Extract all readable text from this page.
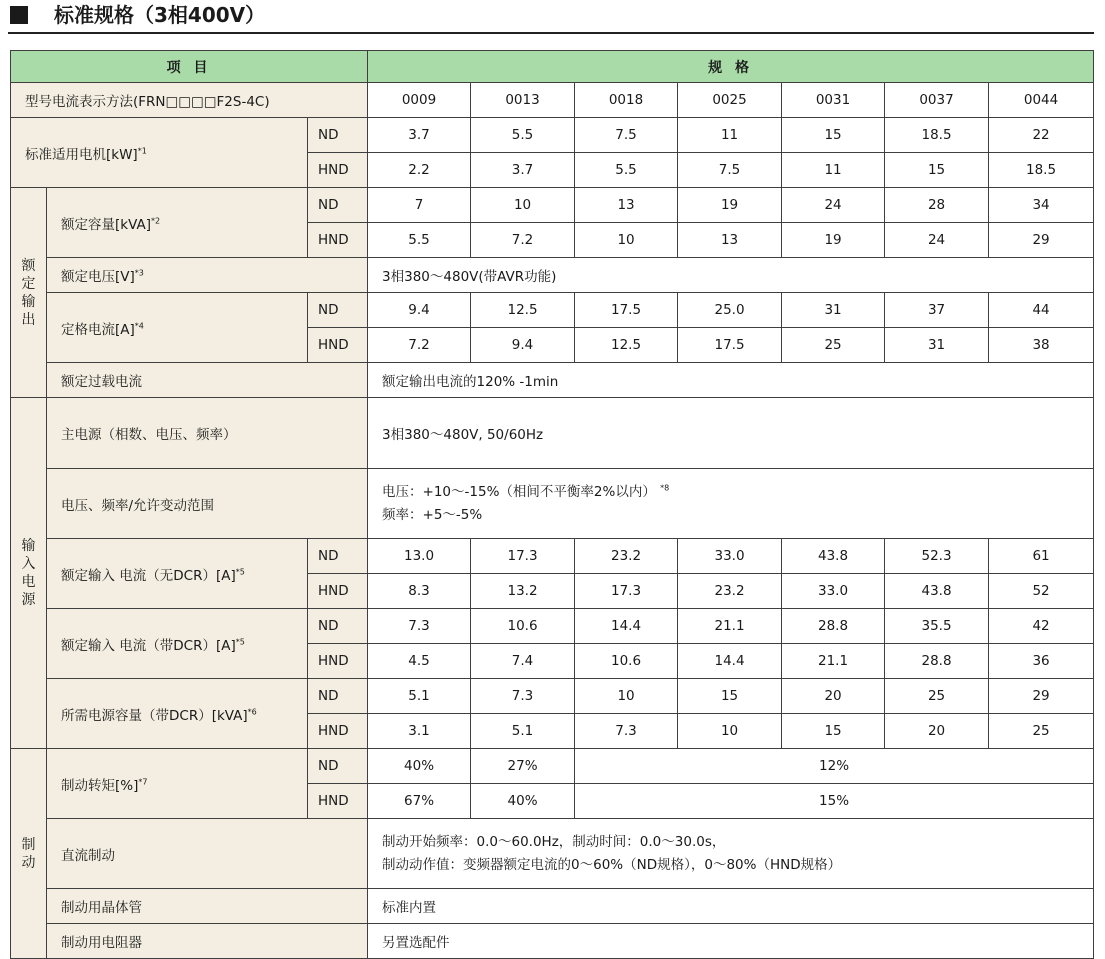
标准规格（3相400V）
项 目			规 格						
型号电流表示方法(FRN□□□□F2S-4C)			0009	0013	0018	0025	0031	0037	0044
标准适用电机[kW]$^{*1}$		ND	3.7	5.5	7.5	11	15	18.5	22
		HND	2.2	3.7	5.5	7.5	11	15	18.5

额定输出	额定容量[kVA]$^{*2}$	ND	7	10	13	19	24	28	34
		HND	5.5	7.2	10	13	19	24	29
	额定电压$[V]^{*3}$		3相380～480V(带AVR功能)						
	定格电流$[A]^{*4}$	ND	9.4	12.5	17.5	25.0	31	37	44
		HND	7.2	9.4	12.5	17.5	25	31	38
	额定过载电流		额定输出电流的120% -1min						

输入电源	主电源（相数、电压、频率）		3相380～480V, 50/60Hz						
	电压、频率/允许变动范围		电压：+10～-15%（相间不平衡率2%以内） $^{*8}$
频率：+5～-5%						

	额定输入 电流（无$DCR)[A]^{*5}$	ND	13.0	17.3	23.2	33.0	43.8	52.3	61
		HND	8.3	13.2	17.3	23.2	33.0	43.8	52
	额定输入 电流（带$DCR)[A]^{*5}$	ND	7.3	10.6	14.4	21.1	28.8	35.5	42
		HND	4.5	7.4	10.6	14.4	21.1	28.8	36
	所需电源容量（带DCR）[kVA]$^{*6}$	ND	5.1	7.3	10	15	20	25	29
		HND	3.1	5.1	7.3	10	15	20	25

制动	制动转矩[%]$^{*7}$	ND	40%	27%	12%				
		HND	67%	40%	15%				
	直流制动		制动开始频率：0.0～60.0Hz，制动时间：0.0～30.0s，
制动动作值：变频器额定电流的0～60%（ND规格），0～80%（HND规格）						

	制动用晶体管		标准内置						
	制动用电阻器		另置选配件						
